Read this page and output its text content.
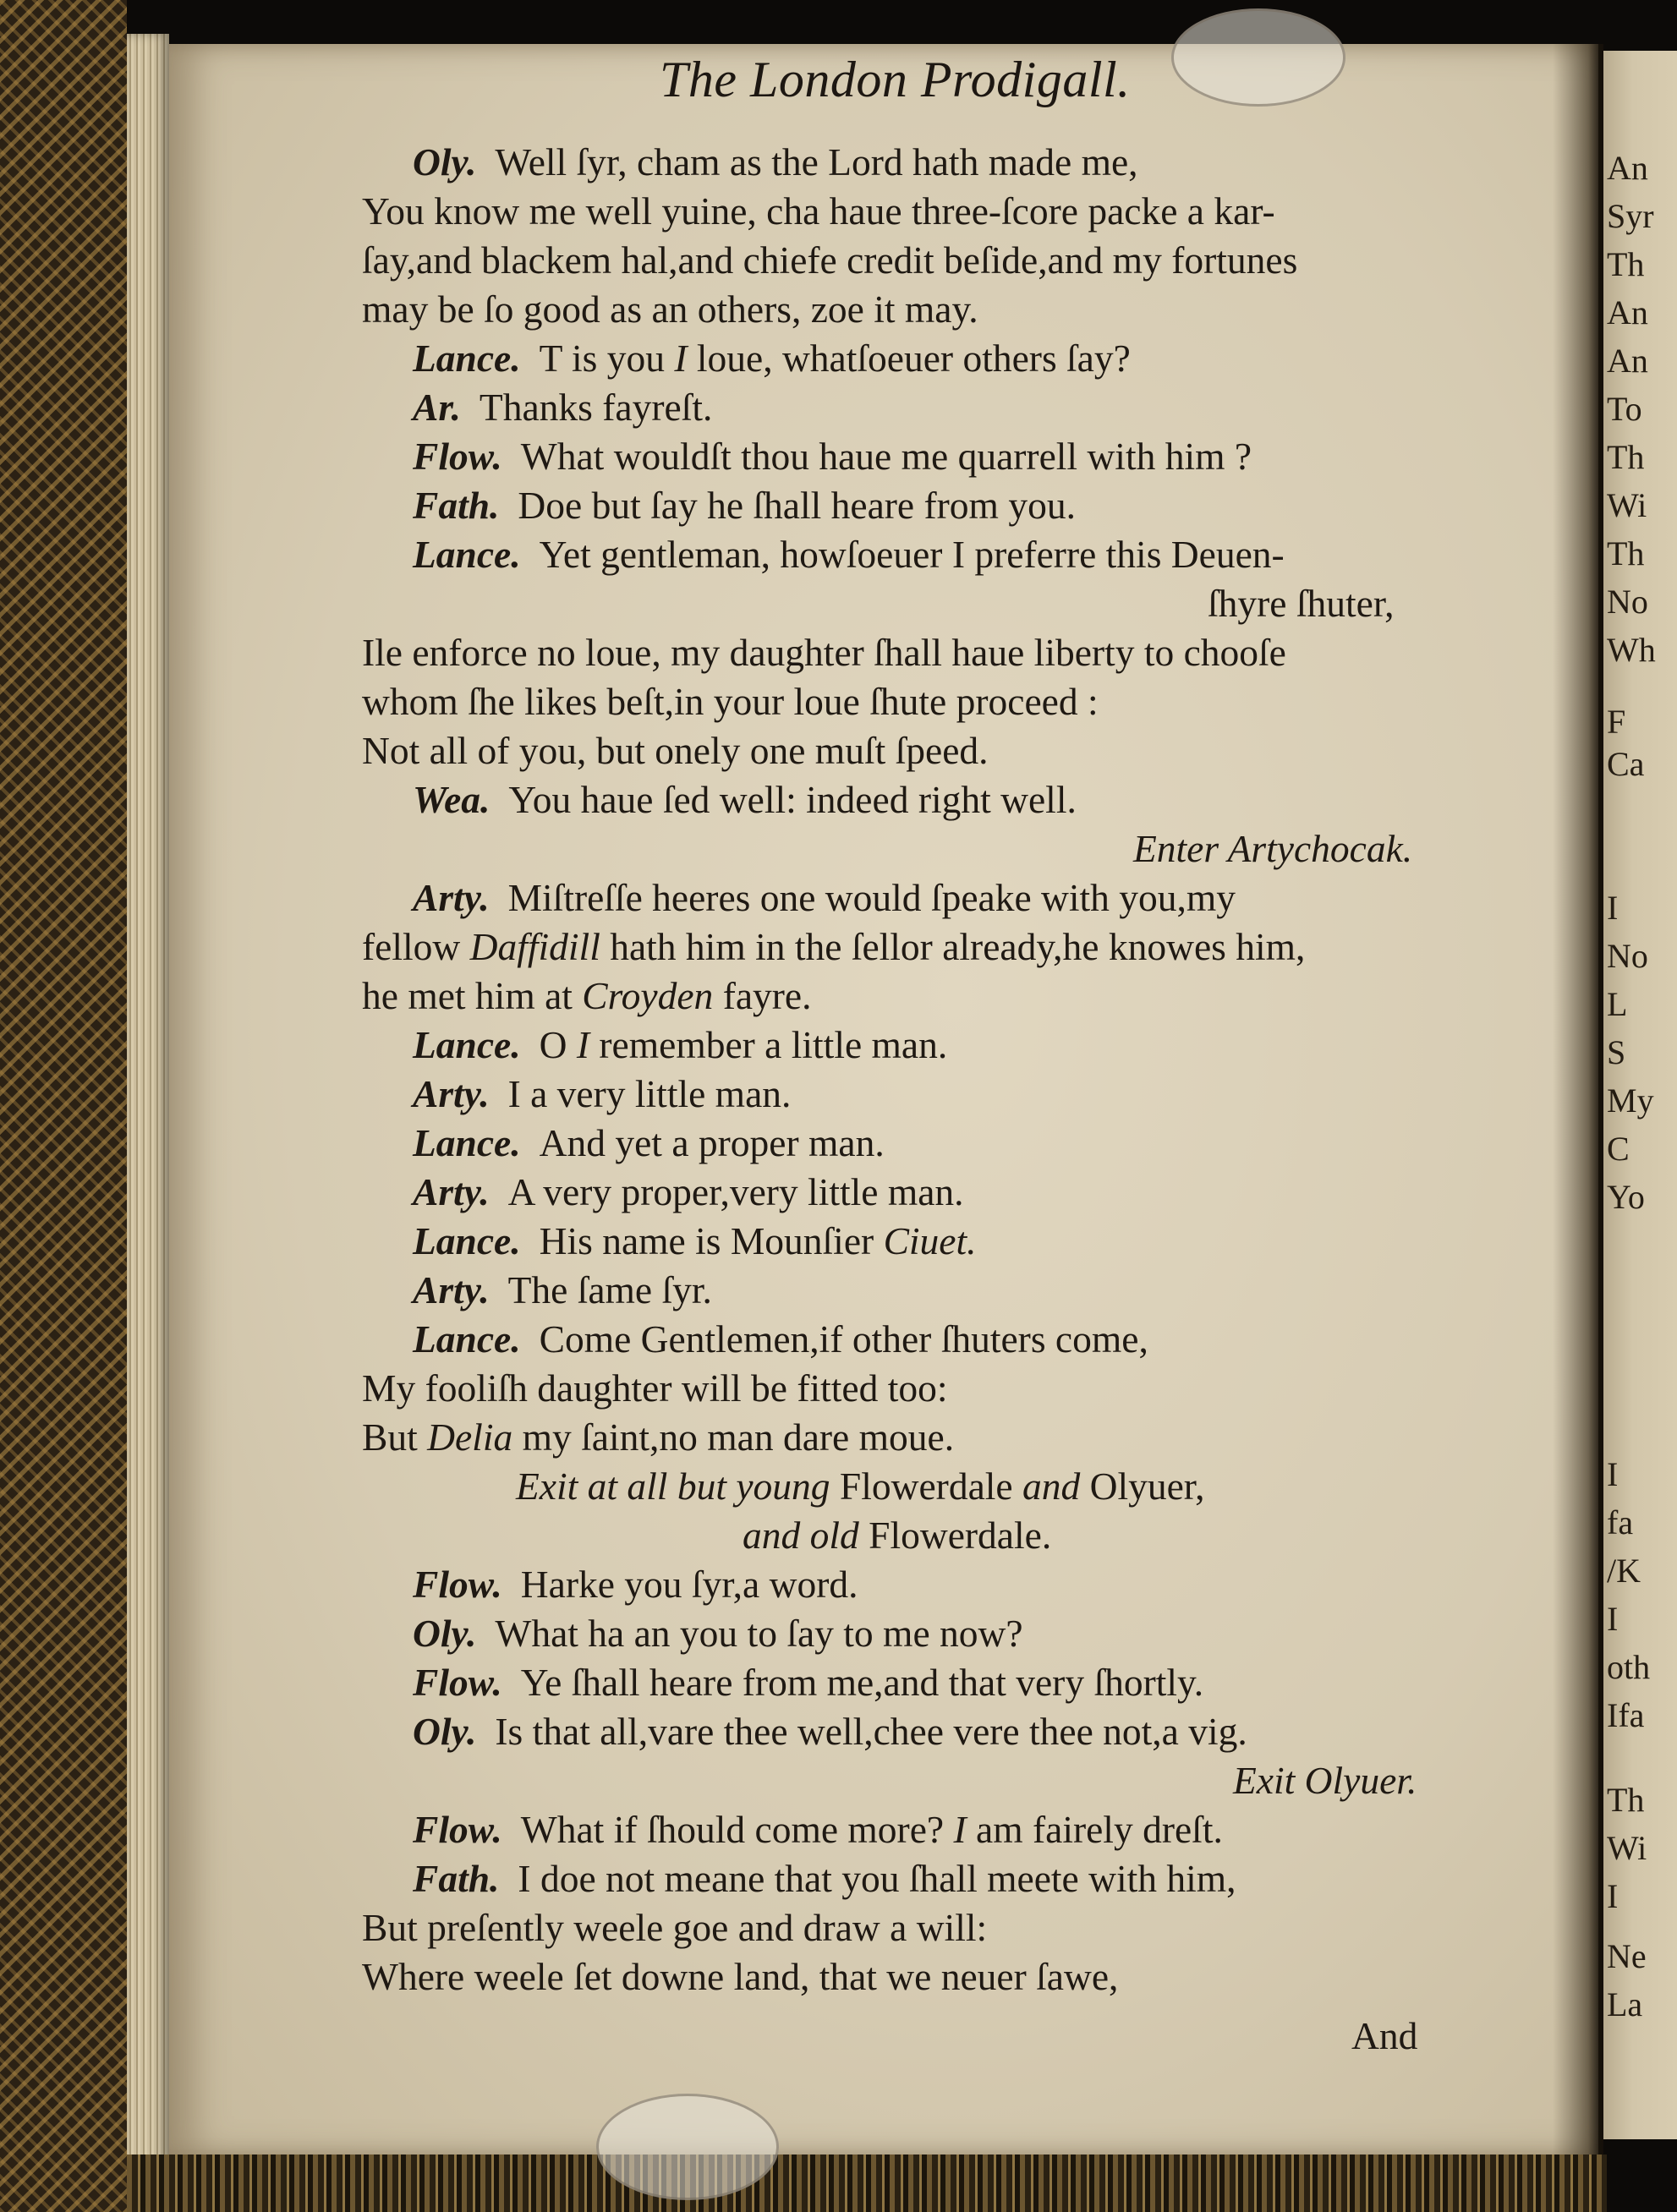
The London Prodigall.
Oly. Well ſyr, cham as the Lord hath made me,
You know me well yuine, cha haue three-ſcore packe a kar-
ſay,and blackem hal,and chiefe credit beſide,and my fortunes
may be ſo good as an others, zoe it may.
Lance. T is you I loue, whatſoeuer others ſay?
Ar. Thanks fayreſt.
Flow. What wouldſt thou haue me quarrell with him ?
Fath. Doe but ſay he ſhall heare from you.
Lance. Yet gentleman, howſoeuer I preferre this Deuen-
ſhyre ſhuter,
Ile enforce no loue, my daughter ſhall haue liberty to chooſe
whom ſhe likes beſt,in your loue ſhute proceed :
Not all of you, but onely one muſt ſpeed.
Wea. You haue ſed well: indeed right well.
Enter Artychocak.
Arty. Miſtreſſe heeres one would ſpeake with you,my
fellow Daffidill hath him in the ſellor already,he knowes him,
he met him at Croyden fayre.
Lance. O I remember a little man.
Arty. I a very little man.
Lance. And yet a proper man.
Arty. A very proper,very little man.
Lance. His name is Mounſier Ciuet.
Arty. The ſame ſyr.
Lance. Come Gentlemen,if other ſhuters come,
My fooliſh daughter will be fitted too:
But Delia my ſaint,no man dare moue.
Exit at all but young Flowerdale and Olyuer,
and old Flowerdale.
Flow. Harke you ſyr,a word.
Oly. What ha an you to ſay to me now?
Flow. Ye ſhall heare from me,and that very ſhortly.
Oly. Is that all,vare thee well,chee vere thee not,a vig.
Exit Olyuer.
Flow. What if ſhould come more? I am fairely dreſt.
Fath. I doe not meane that you ſhall meete with him,
But preſently weele goe and draw a will:
Where weele ſet downe land, that we neuer ſawe,
And
An
Syr
Th
An
An
To
Th
Wi
Th
No
Wh
F
Ca
I
No
L
S
My
C
Yo
I
fa
/K
I
oth
Ifa
Th
Wi
I
Ne
La
